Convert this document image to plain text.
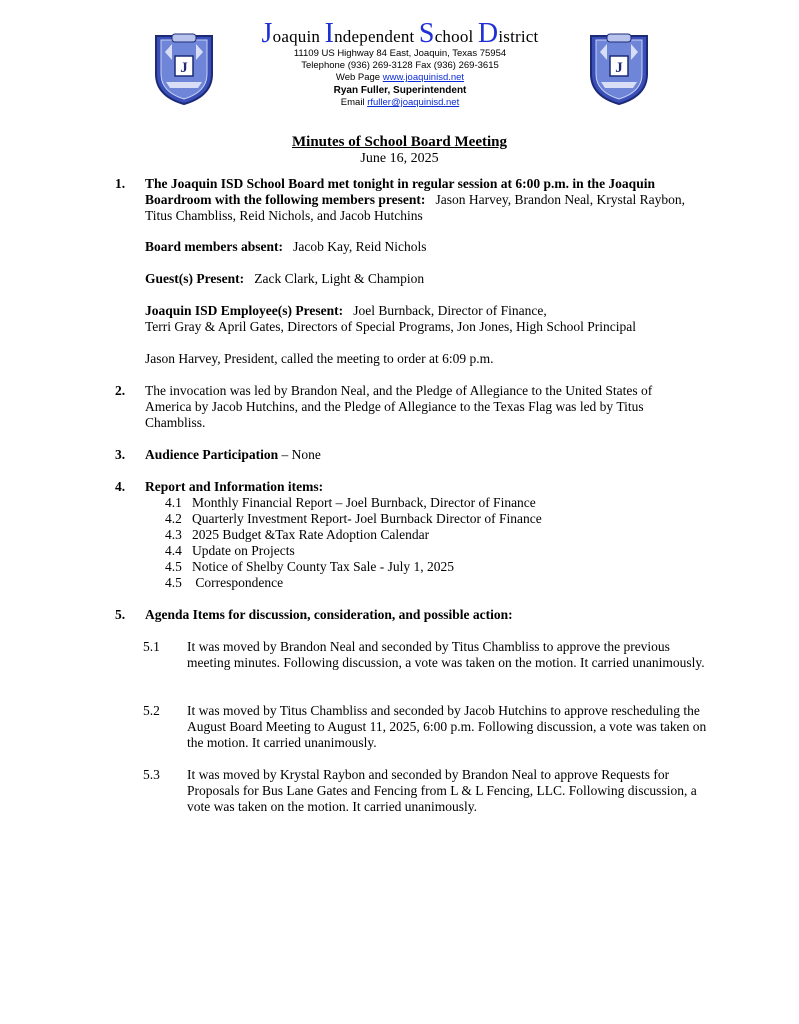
J	J
Joaquin Independent School District
11109 US Highway 84 East, Joaquin, Texas 75954
Telephone (936) 269-3128 Fax (936) 269-3615
Web Page www.joaquinisd.net
Ryan Fuller, Superintendent
Email rfuller@joaquinisd.net
Minutes of School Board Meeting
June 16, 2025
1.	The Joaquin ISD School Board met tonight in regular session at 6:00 p.m. in the Joaquin Boardroom with the following members present: Jason Harvey, Brandon Neal, Krystal Raybon, Titus Chambliss, Reid Nichols, and Jacob Hutchins
Board members absent: Jacob Kay, Reid Nichols
Guest(s) Present: Zack Clark, Light & Champion
Joaquin ISD Employee(s) Present: Joel Burnback, Director of Finance,
Terri Gray & April Gates, Directors of Special Programs, Jon Jones, High School Principal
Jason Harvey, President, called the meeting to order at 6:09 p.m.
2.	The invocation was led by Brandon Neal, and the Pledge of Allegiance to the United States of America by Jacob Hutchins, and the Pledge of Allegiance to the Texas Flag was led by Titus Chambliss.
3.	Audience Participation – None
4.	Report and Information items:
4.1 Monthly Financial Report – Joel Burnback, Director of Finance
4.2 Quarterly Investment Report- Joel Burnback Director of Finance
4.3 2025 Budget &Tax Rate Adoption Calendar
4.4 Update on Projects
4.5 Notice of Shelby County Tax Sale - July 1, 2025
4.5 Correspondence
5.	Agenda Items for discussion, consideration, and possible action:
5.1	It was moved by Brandon Neal and seconded by Titus Chambliss to approve the previous meeting minutes. Following discussion, a vote was taken on the motion. It carried unanimously.
5.2	It was moved by Titus Chambliss and seconded by Jacob Hutchins to approve rescheduling the August Board Meeting to August 11, 2025, 6:00 p.m. Following discussion, a vote was taken on the motion. It carried unanimously.
5.3	It was moved by Krystal Raybon and seconded by Brandon Neal to approve Requests for Proposals for Bus Lane Gates and Fencing from L & L Fencing, LLC. Following discussion, a vote was taken on the motion. It carried unanimously.
